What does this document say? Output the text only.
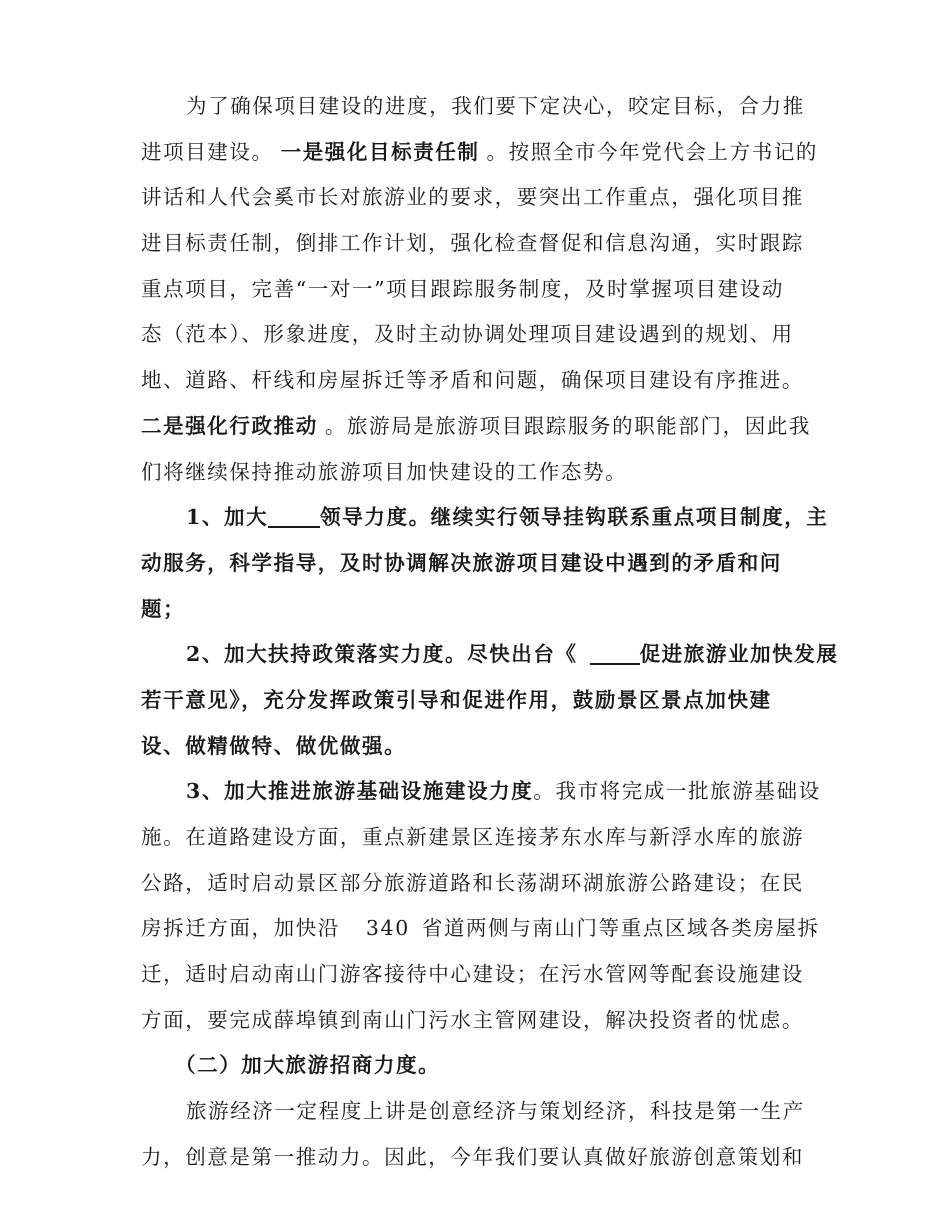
为了确保项目建设的进度，我们要下定决心，咬定目标，合力推
进项目建设。 一是强化目标责任制 。按照全市今年党代会上方书记的
讲话和人代会奚市长对旅游业的要求，要突出工作重点，强化项目推
进目标责任制，倒排工作计划，强化检查督促和信息沟通，实时跟踪
重点项目，完善“一对一”项目跟踪服务制度，及时掌握项目建设动
态（范本）、形象进度，及时主动协调处理项目建设遇到的规划、用
地、道路、杆线和房屋拆迁等矛盾和问题，确保项目建设有序推进。
二是强化行政推动 。旅游局是旅游项目跟踪服务的职能部门，因此我
们将继续保持推动旅游项目加快建设的工作态势。
1、加大	领导力度。继续实行领导挂钩联系重点项目制度，主
动服务，科学指导，及时协调解决旅游项目建设中遇到的矛盾和问
题；
2、加大扶持政策落实力度。尽快出台《	促进旅游业加快发展
若干意见》，充分发挥政策引导和促进作用，鼓励景区景点加快建
设、做精做特、做优做强。
3、加大推进旅游基础设施建设力度。我市将完成一批旅游基础设
施。在道路建设方面，重点新建景区连接茅东水库与新浮水库的旅游
公路，适时启动景区部分旅游道路和长荡湖环湖旅游公路建设；在民
房拆迁方面，加快沿 340 省道两侧与南山门等重点区域各类房屋拆
迁，适时启动南山门游客接待中心建设；在污水管网等配套设施建设
方面，要完成薛埠镇到南山门污水主管网建设，解决投资者的忧虑。
（二）加大旅游招商力度。
旅游经济一定程度上讲是创意经济与策划经济，科技是第一生产
力，创意是第一推动力。因此，今年我们要认真做好旅游创意策划和
